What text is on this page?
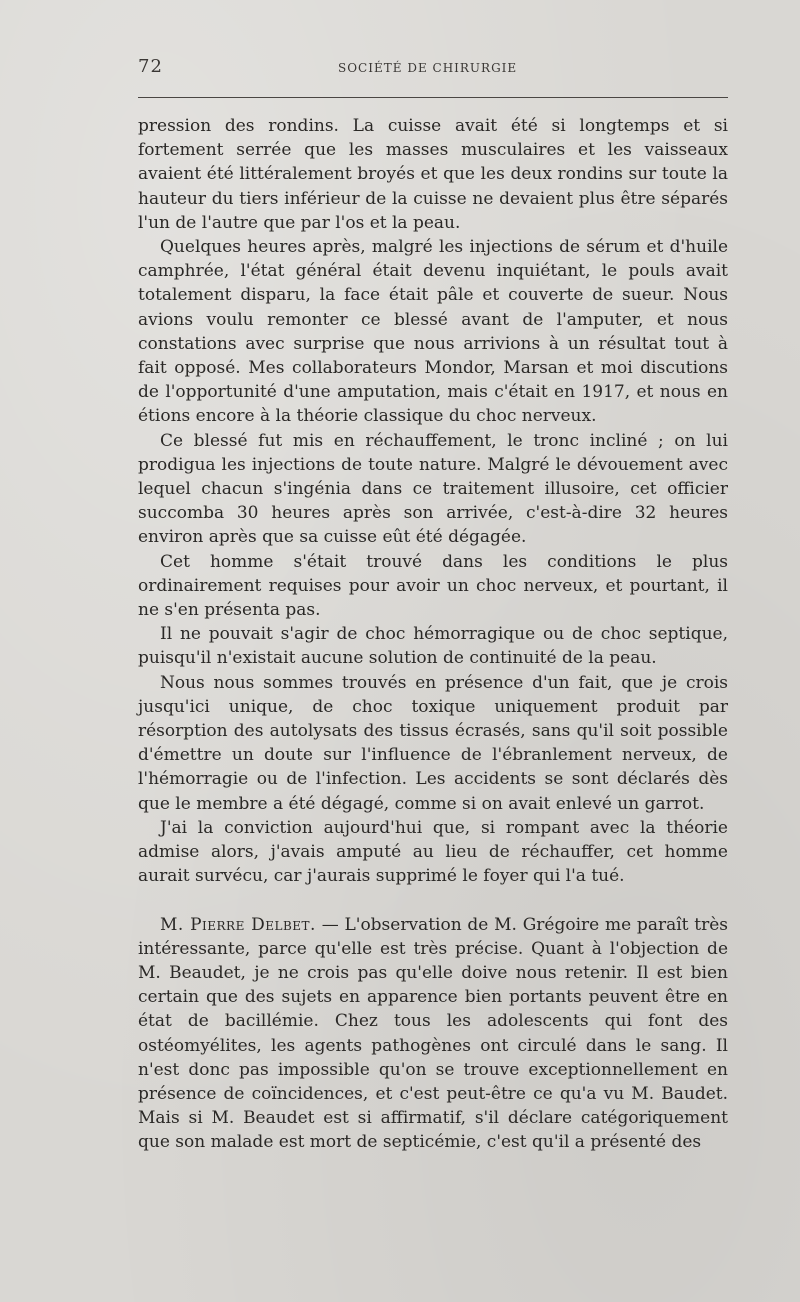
72	SOCIÉTÉ DE CHIRURGIE

pression des rondins. La cuisse avait été si longtemps et si fortement serrée que les masses musculaires et les vaisseaux avaient été littéralement broyés et que les deux rondins sur toute la hauteur du tiers inférieur de la cuisse ne devaient plus être séparés l'un de l'autre que par l'os et la peau.

Quelques heures après, malgré les injections de sérum et d'huile camphrée, l'état général était devenu inquiétant, le pouls avait totalement disparu, la face était pâle et couverte de sueur. Nous avions voulu remonter ce blessé avant de l'amputer, et nous constations avec surprise que nous arrivions à un résultat tout à fait opposé. Mes collaborateurs Mondor, Marsan et moi discutions de l'opportunité d'une amputation, mais c'était en 1917, et nous en étions encore à la théorie classique du choc nerveux.

Ce blessé fut mis en réchauffement, le tronc incliné ; on lui prodigua les injections de toute nature. Malgré le dévouement avec lequel chacun s'ingénia dans ce traitement illusoire, cet officier succomba 30 heures après son arrivée, c'est-à-dire 32 heures environ après que sa cuisse eût été dégagée.

Cet homme s'était trouvé dans les conditions le plus ordinairement requises pour avoir un choc nerveux, et pourtant, il ne s'en présenta pas.

Il ne pouvait s'agir de choc hémorragique ou de choc septique, puisqu'il n'existait aucune solution de continuité de la peau.

Nous nous sommes trouvés en présence d'un fait, que je crois jusqu'ici unique, de choc toxique uniquement produit par résorption des autolysats des tissus écrasés, sans qu'il soit possible d'émettre un doute sur l'influence de l'ébranlement nerveux, de l'hémorragie ou de l'infection. Les accidents se sont déclarés dès que le membre a été dégagé, comme si on avait enlevé un garrot.

J'ai la conviction aujourd'hui que, si rompant avec la théorie admise alors, j'avais amputé au lieu de réchauffer, cet homme aurait survécu, car j'aurais supprimé le foyer qui l'a tué.

M. Pierre Delbet. — L'observation de M. Grégoire me paraît très intéressante, parce qu'elle est très précise. Quant à l'objection de M. Beaudet, je ne crois pas qu'elle doive nous retenir. Il est bien certain que des sujets en apparence bien portants peuvent être en état de bacillémie. Chez tous les adolescents qui font des ostéomyélites, les agents pathogènes ont circulé dans le sang. Il n'est donc pas impossible qu'on se trouve exceptionnellement en présence de coïncidences, et c'est peut-être ce qu'a vu M. Baudet. Mais si M. Beaudet est si affirmatif, s'il déclare catégoriquement que son malade est mort de septicémie, c'est qu'il a présenté des
